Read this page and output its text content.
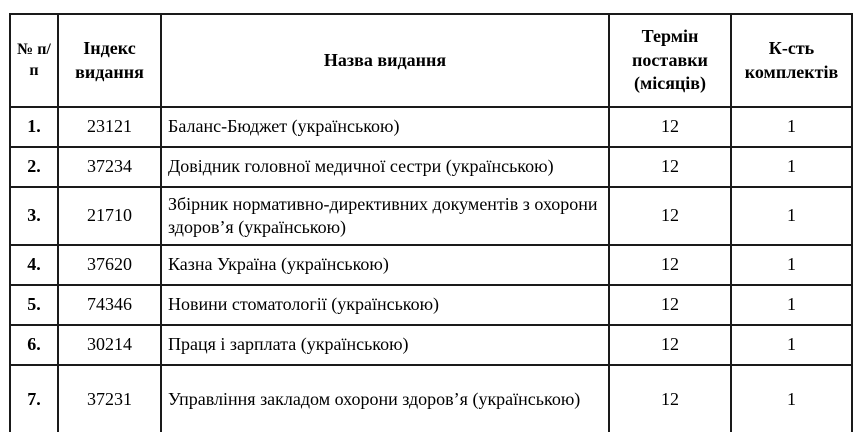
№ п/п	Індекс видання	Назва видання	Термін поставки (місяців)	К-сть комплектів
1.	23121	Баланс-Бюджет (українською)	12	1
2.	37234	Довідник головної медичної сестри (українською)	12	1
3.	21710	Збірник нормативно-директивних документів з охорони здоров’я (українською)	12	1
4.	37620	Казна Україна (українською)	12	1
5.	74346	Новини стоматології (українською)	12	1
6.	30214	Праця і зарплата (українською)	12	1
7.	37231	Управління закладом охорони здоров’я (українською)	12	1
